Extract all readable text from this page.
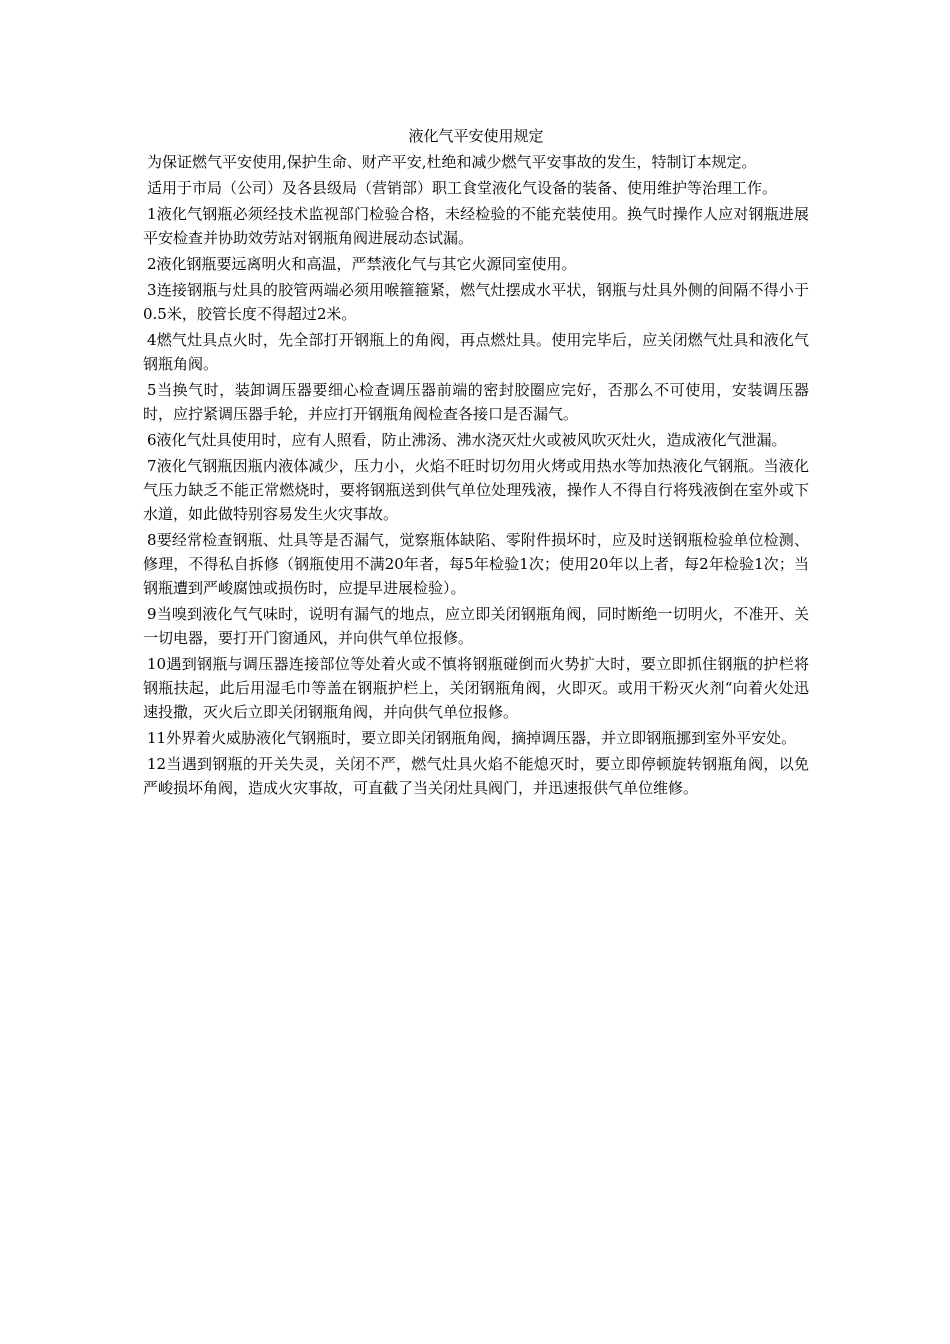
液化气平安使用规定

为保证燃气平安使用,保护生命、财产平安,杜绝和减少燃气平安事故的发生，特制订本规定。

适用于市局（公司）及各县级局（营销部）职工食堂液化气设备的装备、使用维护等治理工作。

1液化气钢瓶必须经技术监视部门检验合格，未经检验的不能充装使用。换气时操作人应对钢瓶进展平安检查并协助效劳站对钢瓶角阀进展动态试漏。

2液化钢瓶要远离明火和高温，严禁液化气与其它火源同室使用。

3连接钢瓶与灶具的胶管两端必须用喉箍箍紧，燃气灶摆成水平状，钢瓶与灶具外侧的间隔不得小于0.5米，胶管长度不得超过2米。

4燃气灶具点火时，先全部打开钢瓶上的角阀，再点燃灶具。使用完毕后，应关闭燃气灶具和液化气钢瓶角阀。

5当换气时，装卸调压器要细心检查调压器前端的密封胶圈应完好，否那么不可使用，安装调压器时，应拧紧调压器手轮，并应打开钢瓶角阀检查各接口是否漏气。

6液化气灶具使用时，应有人照看，防止沸汤、沸水浇灭灶火或被风吹灭灶火，造成液化气泄漏。

7液化气钢瓶因瓶内液体减少，压力小，火焰不旺时切勿用火烤或用热水等加热液化气钢瓶。当液化气压力缺乏不能正常燃烧时，要将钢瓶送到供气单位处理残液，操作人不得自行将残液倒在室外或下水道，如此做特别容易发生火灾事故。

8要经常检查钢瓶、灶具等是否漏气，觉察瓶体缺陷、零附件损坏时，应及时送钢瓶检验单位检测、修理，不得私自拆修（钢瓶使用不满20年者，每5年检验1次；使用20年以上者，每2年检验1次；当钢瓶遭到严峻腐蚀或损伤时，应提早进展检验）。

9当嗅到液化气气味时，说明有漏气的地点，应立即关闭钢瓶角阀，同时断绝一切明火，不准开、关一切电器，要打开门窗通风，并向供气单位报修。

10遇到钢瓶与调压器连接部位等处着火或不慎将钢瓶碰倒而火势扩大时，要立即抓住钢瓶的护栏将钢瓶扶起，此后用湿毛巾等盖在钢瓶护栏上，关闭钢瓶角阀，火即灭。或用干粉灭火剂“向着火处迅速投撒，灭火后立即关闭钢瓶角阀，并向供气单位报修。

11外界着火威胁液化气钢瓶时，要立即关闭钢瓶角阀，摘掉调压器，并立即钢瓶挪到室外平安处。

12当遇到钢瓶的开关失灵，关闭不严，燃气灶具火焰不能熄灭时，要立即停顿旋转钢瓶角阀，以免严峻损坏角阀，造成火灾事故，可直截了当关闭灶具阀门，并迅速报供气单位维修。
